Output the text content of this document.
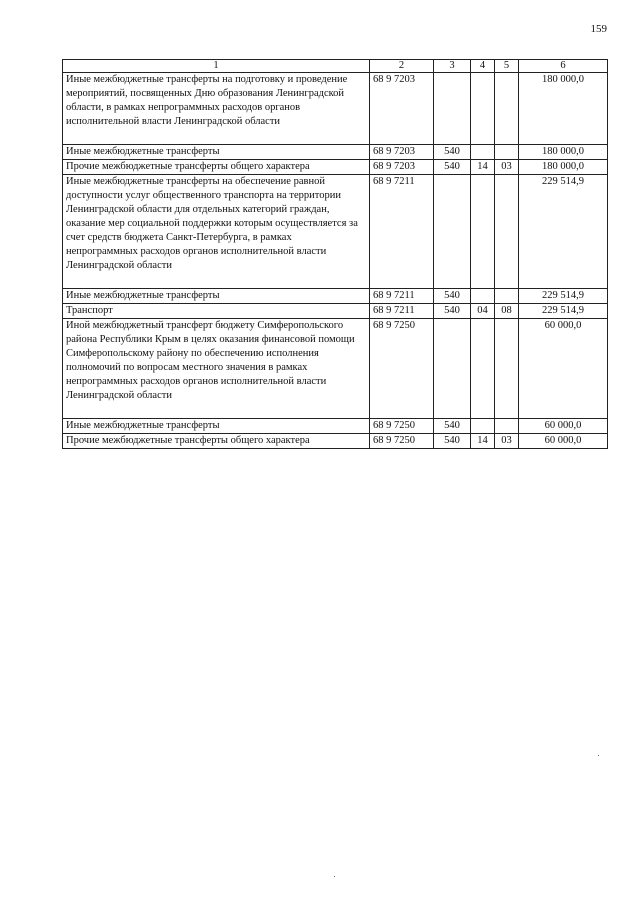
159
1	2	3	4	5	6
Иные межбюджетные трансферты на подготовку и проведение мероприятий, посвященных Дню образования Ленинградской области, в рамках непрограммных расходов органов исполнительной власти Ленинградской области	68 9 7203				180 000,0
Иные межбюджетные трансферты	68 9 7203	540			180 000,0
Прочие межбюджетные трансферты общего характера	68 9 7203	540	14	03	180 000,0
Иные межбюджетные трансферты на обеспечение равной доступности услуг общественного транспорта на территории Ленинградской области для отдельных категорий граждан, оказание мер социальной поддержки которым осуществляется за счет средств бюджета Санкт-Петербурга, в рамках непрограммных расходов органов исполнительной власти Ленинградской области	68 9 7211				229 514,9
Иные межбюджетные трансферты	68 9 7211	540			229 514,9
Транспорт	68 9 7211	540	04	08	229 514,9
Иной межбюджетный трансферт бюджету Симферопольского района Республики Крым в целях оказания финансовой помощи Симферопольскому району по обеспечению исполнения полномочий по вопросам местного значения в рамках непрограммных расходов органов исполнительной власти Ленинградской области	68 9 7250				60 000,0
Иные межбюджетные трансферты	68 9 7250	540			60 000,0
Прочие межбюджетные трансферты общего характера	68 9 7250	540	14	03	60 000,0
